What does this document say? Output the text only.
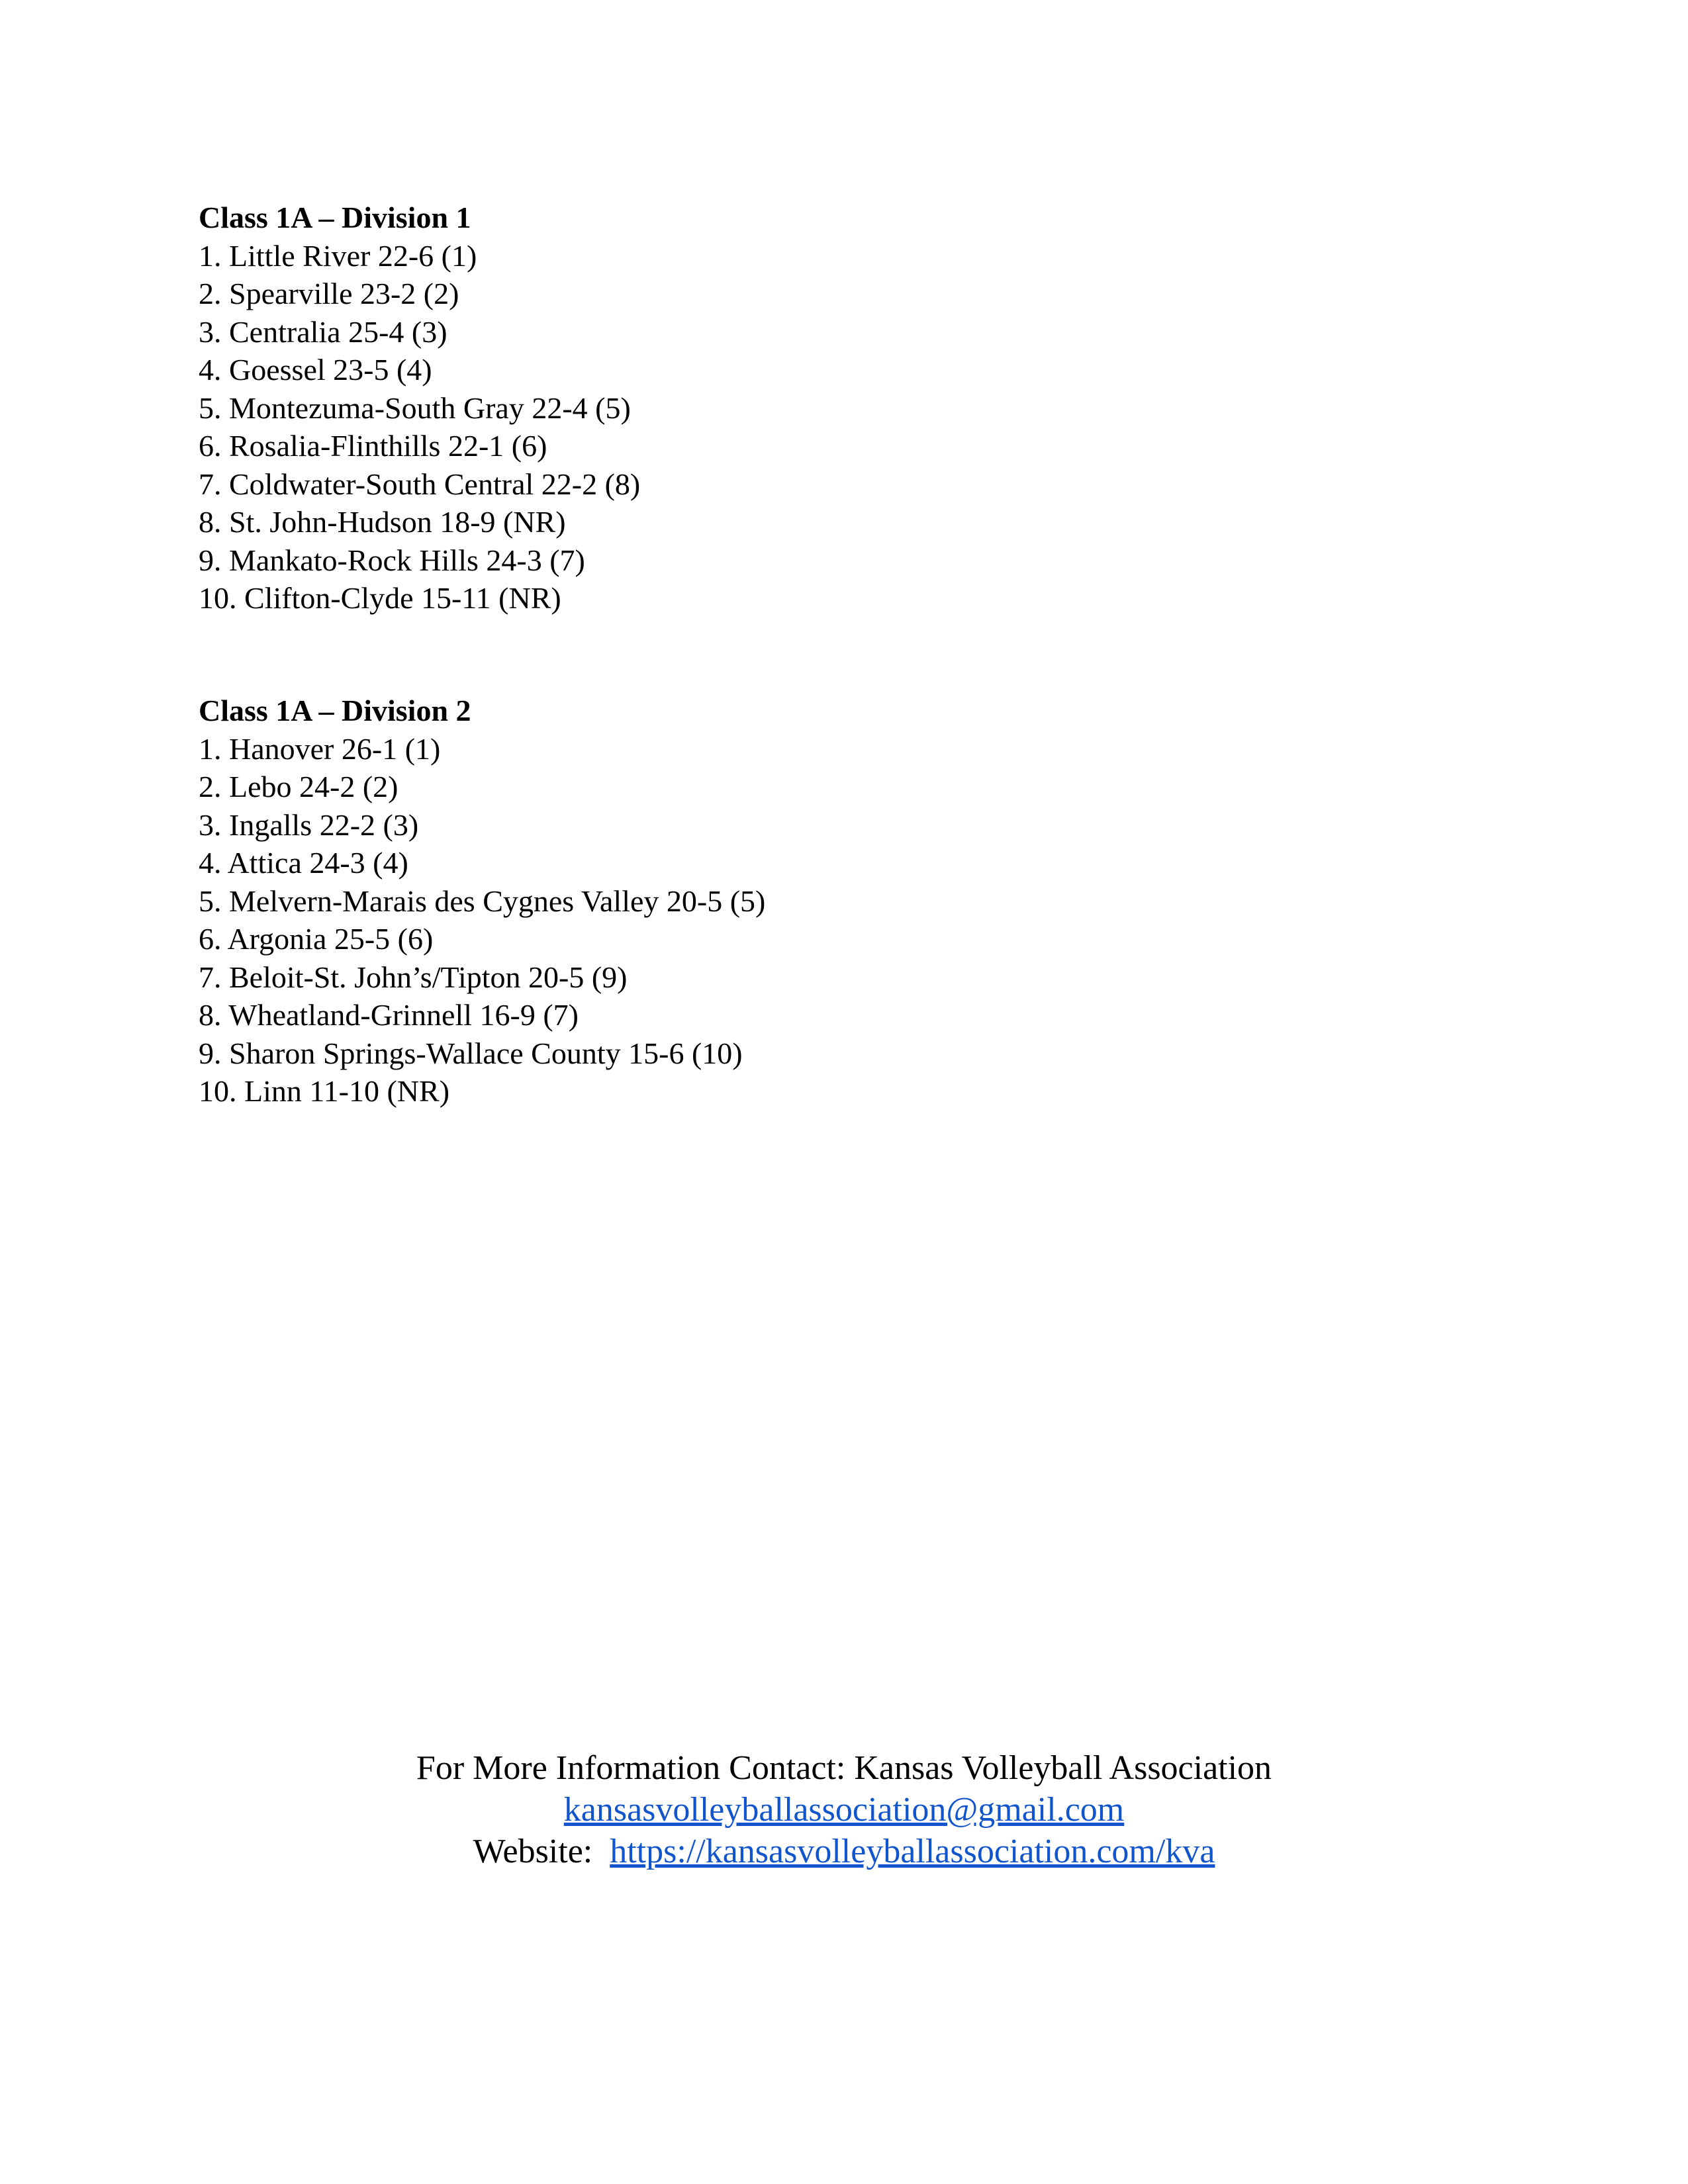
Class 1A – Division 1
1. Little River 22-6 (1)
2. Spearville 23-2 (2)
3. Centralia 25-4 (3)
4. Goessel 23-5 (4)
5. Montezuma-South Gray 22-4 (5)
6. Rosalia-Flinthills 22-1 (6)
7. Coldwater-South Central 22-2 (8)
8. St. John-Hudson 18-9 (NR)
9. Mankato-Rock Hills 24-3 (7)
10. Clifton-Clyde 15-11 (NR)
Class 1A – Division 2
1. Hanover 26-1 (1)
2. Lebo 24-2 (2)
3. Ingalls 22-2 (3)
4. Attica 24-3 (4)
5. Melvern-Marais des Cygnes Valley 20-5 (5)
6. Argonia 25-5 (6)
7. Beloit-St. John’s/Tipton 20-5 (9)
8. Wheatland-Grinnell 16-9 (7)
9. Sharon Springs-Wallace County 15-6 (10)
10. Linn 11-10 (NR)
For More Information Contact: Kansas Volleyball Association
kansasvolleyballassociation@gmail.com
Website:  https://kansasvolleyballassociation.com/kva
